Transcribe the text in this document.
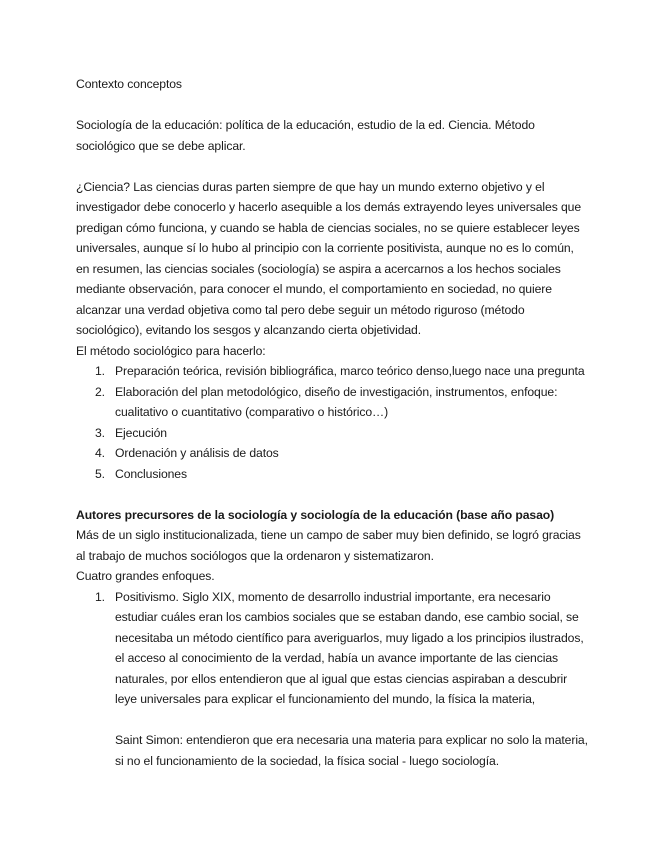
Contexto conceptos

Sociología de la educación: política de la educación, estudio de la ed. Ciencia. Método sociológico que se debe aplicar.

¿Ciencia? Las ciencias duras parten siempre de que hay un mundo externo objetivo y el investigador debe conocerlo y hacerlo asequible a los demás extrayendo leyes universales que predigan cómo funciona, y cuando se habla de ciencias sociales, no se quiere establecer leyes universales, aunque sí lo hubo al principio con la corriente positivista, aunque no es lo común, en resumen, las ciencias sociales (sociología) se aspira a acercarnos a los hechos sociales mediante observación, para conocer el mundo, el comportamiento en sociedad, no quiere alcanzar una verdad objetiva como tal pero debe seguir un método riguroso (método sociológico), evitando los sesgos y alcanzando cierta objetividad.

El método sociológico para hacerlo:

1. Preparación teórica, revisión bibliográfica, marco teórico denso,luego nace una pregunta
2. Elaboración del plan metodológico, diseño de investigación, instrumentos, enfoque: cualitativo o cuantitativo (comparativo o histórico…)
3. Ejecución
4. Ordenación y análisis de datos
5. Conclusiones

Autores precursores de la sociología y sociología de la educación (base año pasao)

Más de un siglo institucionalizada, tiene un campo de saber muy bien definido, se logró gracias al trabajo de muchos sociólogos que la ordenaron y sistematizaron.

Cuatro grandes enfoques.

1. Positivismo. Siglo XIX, momento de desarrollo industrial importante, era necesario estudiar cuáles eran los cambios sociales que se estaban dando, ese cambio social, se necesitaba un método científico para averiguarlos, muy ligado a los principios ilustrados, el acceso al conocimiento de la verdad, había un avance importante de las ciencias naturales, por ellos entendieron que al igual que estas ciencias aspiraban a descubrir leye universales para explicar el funcionamiento del mundo, la física la materia,

Saint Simon: entendieron que era necesaria una materia para explicar no solo la materia, si no el funcionamiento de la sociedad, la física social - luego sociología.
